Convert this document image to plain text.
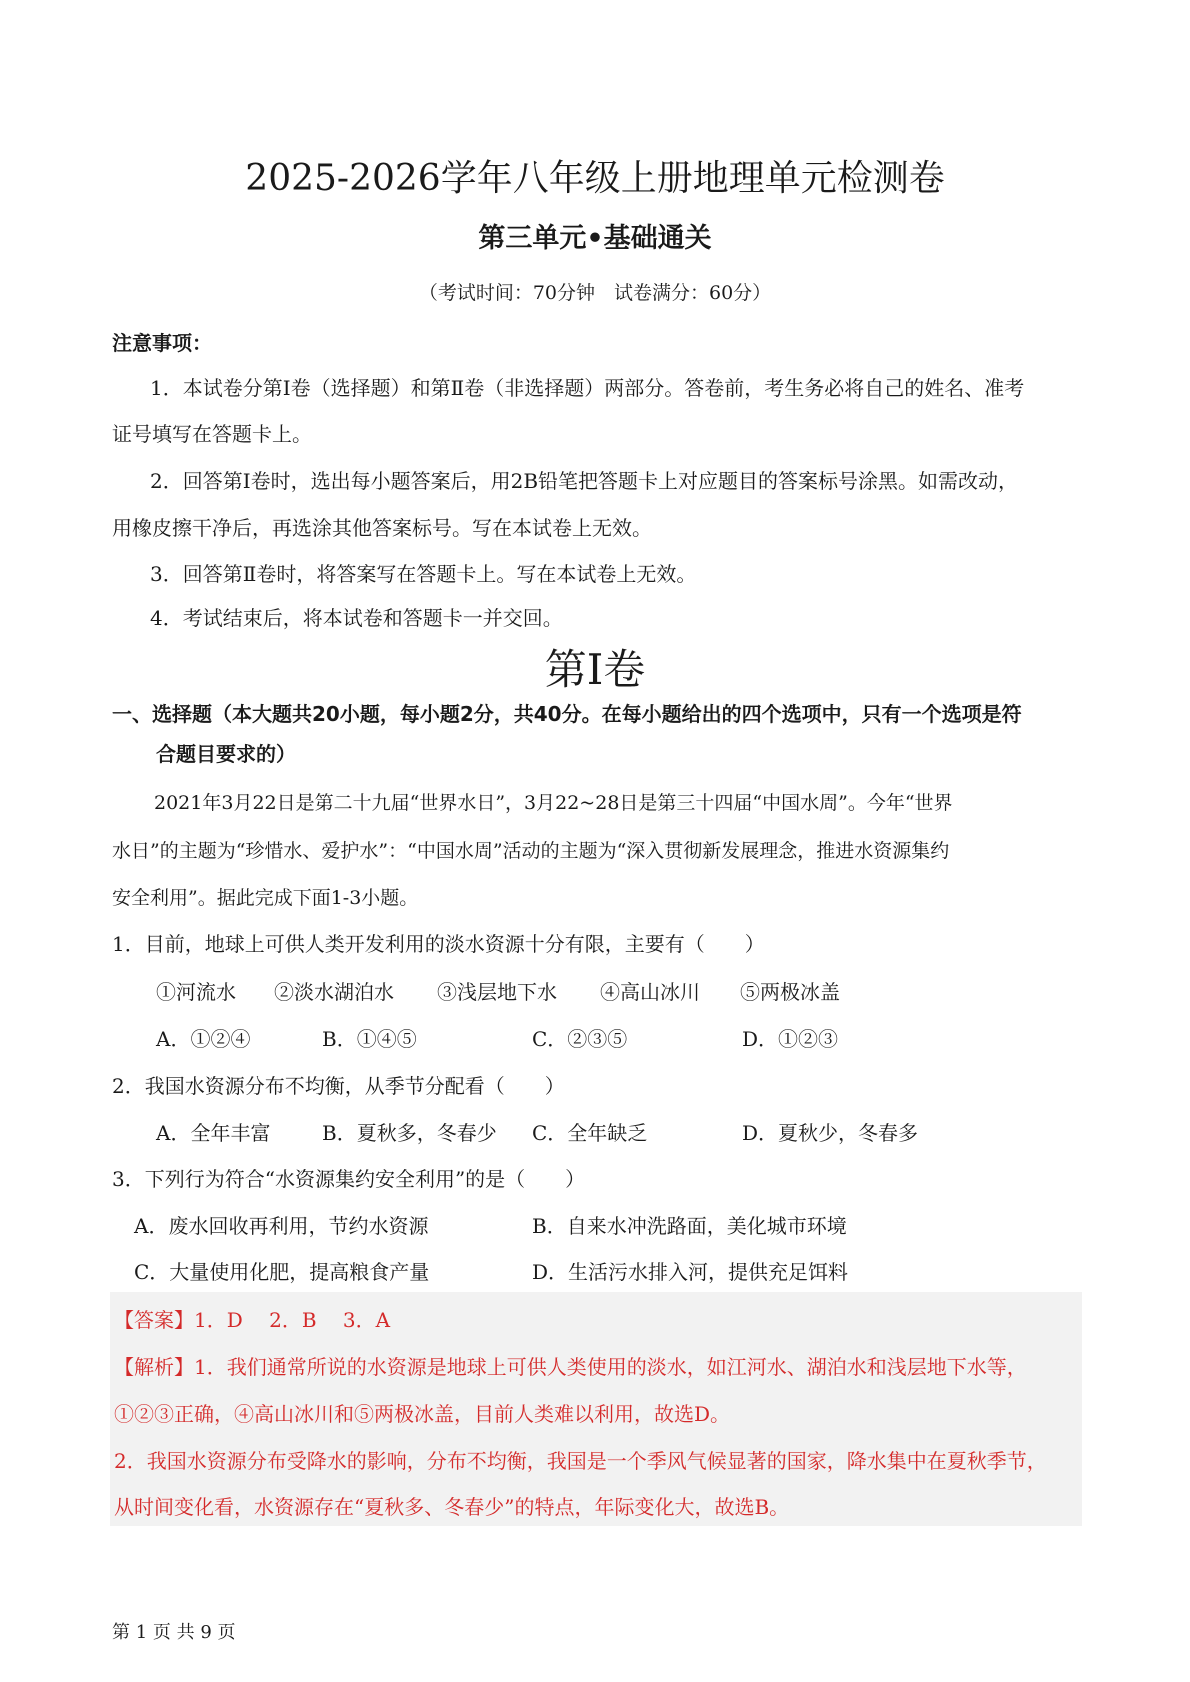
2025-2026学年八年级上册地理单元检测卷
第三单元•基础通关
（考试时间：70分钟　试卷满分：60分）
注意事项：
1．本试卷分第Ⅰ卷（选择题）和第Ⅱ卷（非选择题）两部分。答卷前，考生务必将自己的姓名、准考
证号填写在答题卡上。
2．回答第Ⅰ卷时，选出每小题答案后，用2B铅笔把答题卡上对应题目的答案标号涂黑。如需改动，
用橡皮擦干净后，再选涂其他答案标号。写在本试卷上无效。
3．回答第Ⅱ卷时，将答案写在答题卡上。写在本试卷上无效。
4．考试结束后，将本试卷和答题卡一并交回。
第Ⅰ卷
一、选择题（本大题共20小题，每小题2分，共40分。在每小题给出的四个选项中，只有一个选项是符
合题目要求的）
2021年3月22日是第二十九届“世界水日”，3月22~28日是第三十四届“中国水周”。今年“世界
水日”的主题为“珍惜水、爱护水”：“中国水周”活动的主题为“深入贯彻新发展理念，推进水资源集约
安全利用”。据此完成下面1-3小题。
1．目前，地球上可供人类开发利用的淡水资源十分有限，主要有（　　）
①河流水 ②淡水湖泊水 ③浅层地下水 ④高山冰川 ⑤两极冰盖
A．①②④	B．①④⑤	C．②③⑤	D．①②③
2．我国水资源分布不均衡，从季节分配看（　　）
A．全年丰富	B．夏秋多，冬春少 C．全年缺乏	D．夏秋少，冬春多
3．下列行为符合“水资源集约安全利用”的是（　　）
A．废水回收再利用，节约水资源	B．自来水冲洗路面，美化城市环境
C．大量使用化肥，提高粮食产量	D．生活污水排入河，提供充足饵料
【答案】1．D　 2．B　 3．A
【解析】1．我们通常所说的水资源是地球上可供人类使用的淡水，如江河水、湖泊水和浅层地下水等，
①②③正确，④高山冰川和⑤两极冰盖，目前人类难以利用，故选D。
2．我国水资源分布受降水的影响，分布不均衡，我国是一个季风气候显著的国家，降水集中在夏秋季节，
从时间变化看，水资源存在“夏秋多、冬春少”的特点，年际变化大，故选B。
第 1 页 共 9 页
